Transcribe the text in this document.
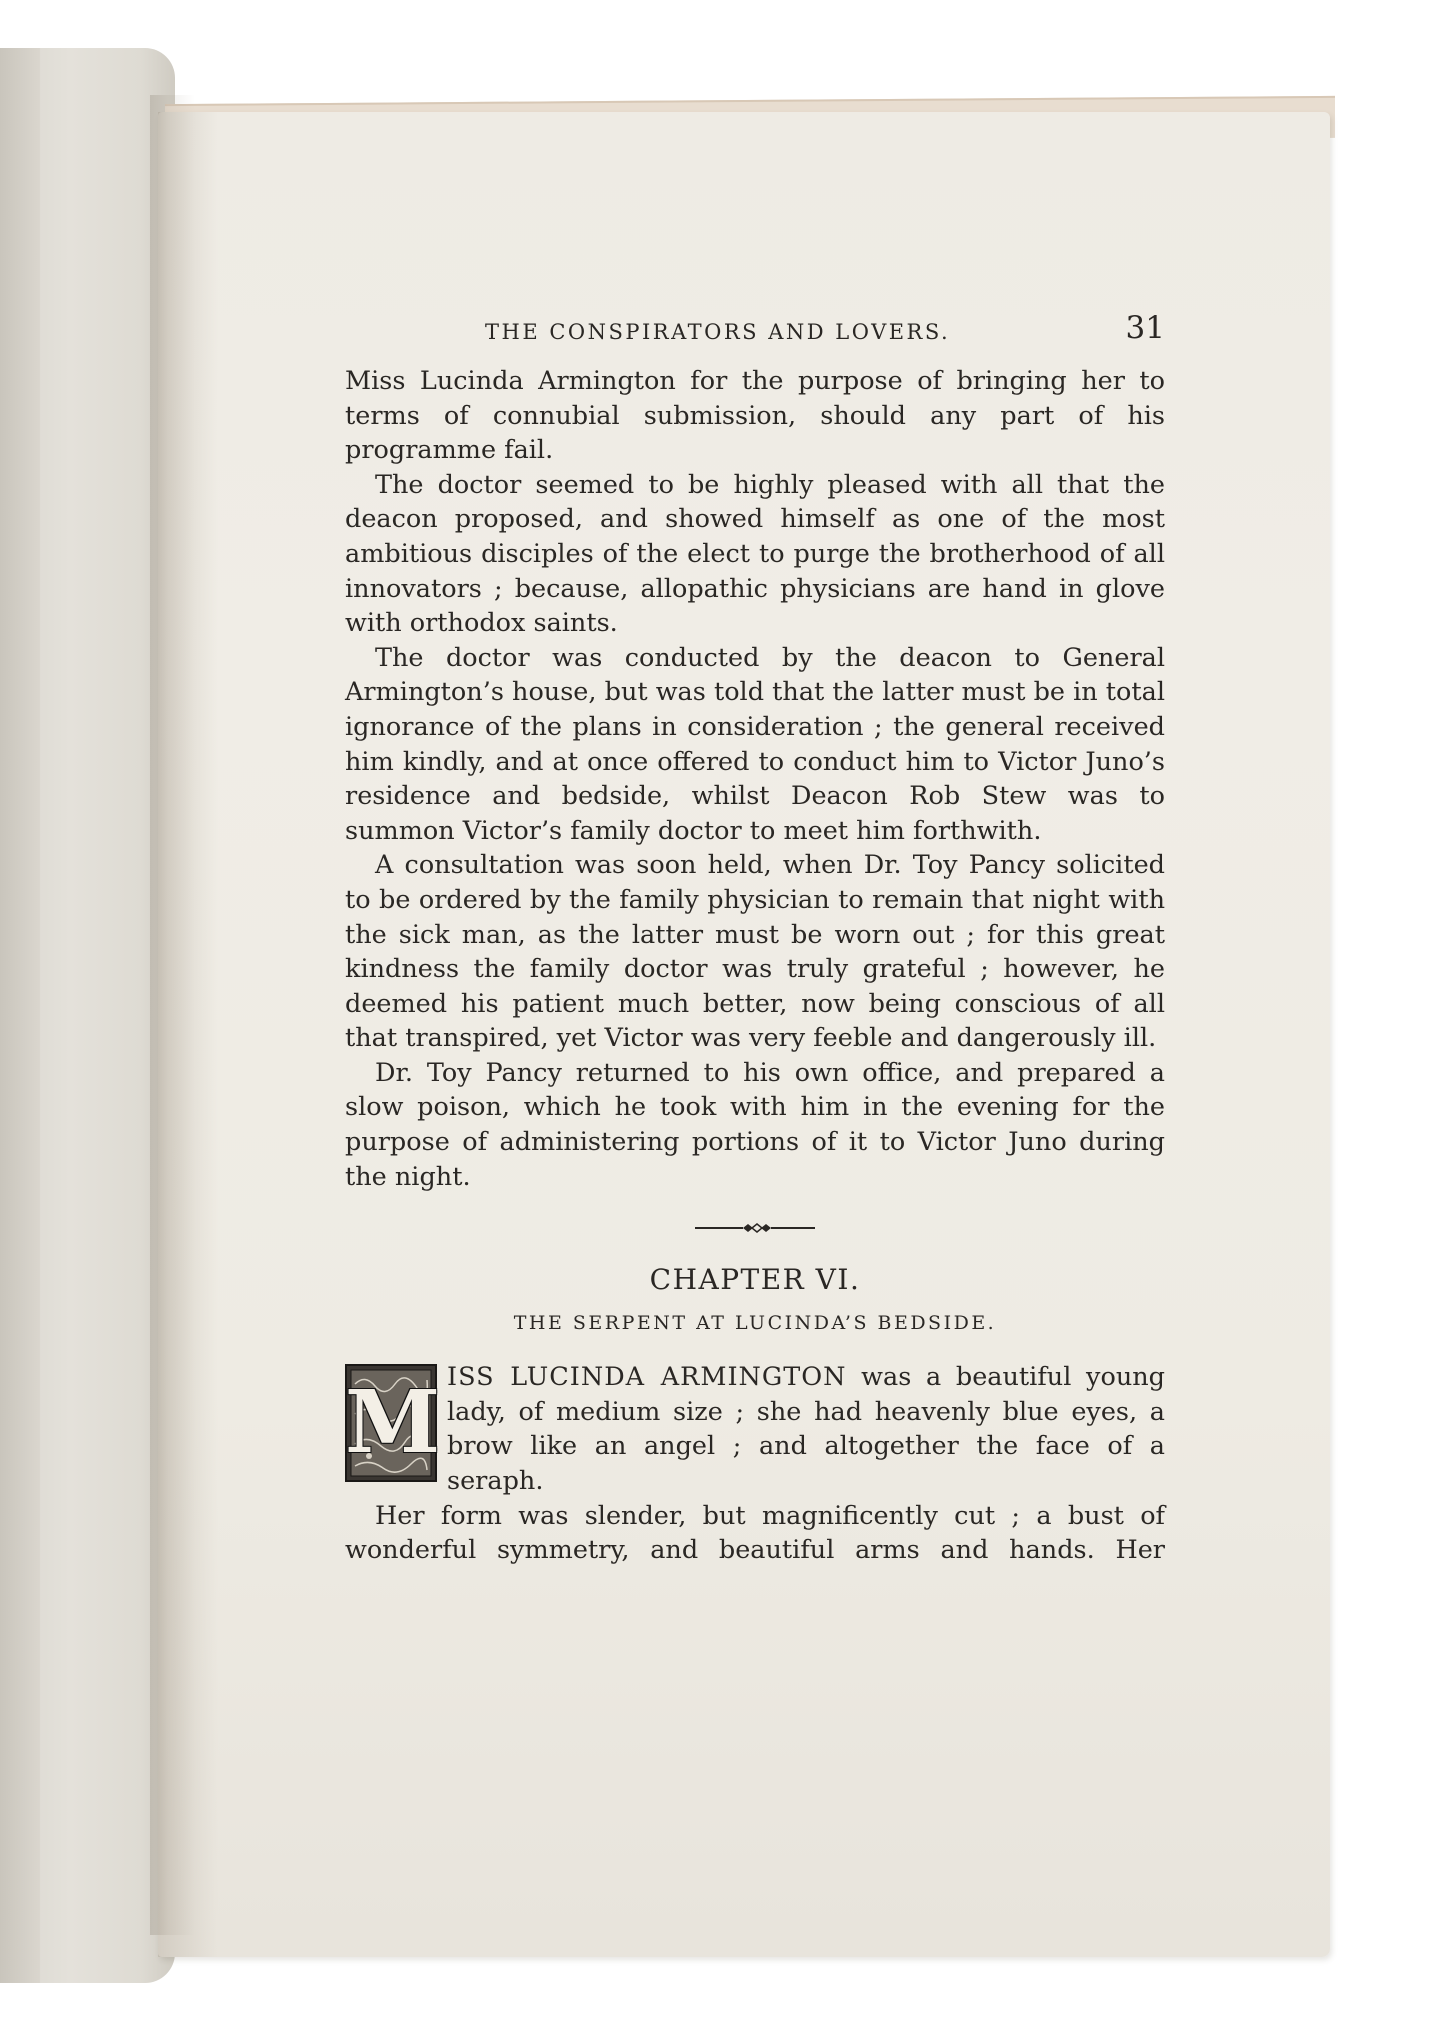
THE CONSPIRATORS AND LOVERS.	31

Miss Lucinda Armington for the purpose of bringing her to terms of connubial submission, should any part of his programme fail.

The doctor seemed to be highly pleased with all that the deacon proposed, and showed himself as one of the most ambitious disciples of the elect to purge the brotherhood of all innovators ; because, allopathic physicians are hand in glove with orthodox saints.

The doctor was conducted by the deacon to General Armington’s house, but was told that the latter must be in total ignorance of the plans in consideration ; the general received him kindly, and at once offered to conduct him to Victor Juno’s residence and bedside, whilst Deacon Rob Stew was to summon Victor’s family doctor to meet him forthwith.

A consultation was soon held, when Dr. Toy Pancy solicited to be ordered by the family physician to remain that night with the sick man, as the latter must be worn out ; for this great kindness the family doctor was truly grateful ; however, he deemed his patient much better, now being conscious of all that transpired, yet Victor was very feeble and dangerously ill.

Dr. Toy Pancy returned to his own office, and prepared a slow poison, which he took with him in the evening for the purpose of administering portions of it to Victor Juno during the night.

CHAPTER VI.
THE SERPENT AT LUCINDA’S BEDSIDE.
M ISS LUCINDA ARMINGTON was a beautiful young lady, of medium size ; she had heavenly blue eyes, a brow like an angel ; and altogether the face of a seraph.

Her form was slender, but magnificently cut ; a bust of wonderful symmetry, and beautiful arms and hands. Her
